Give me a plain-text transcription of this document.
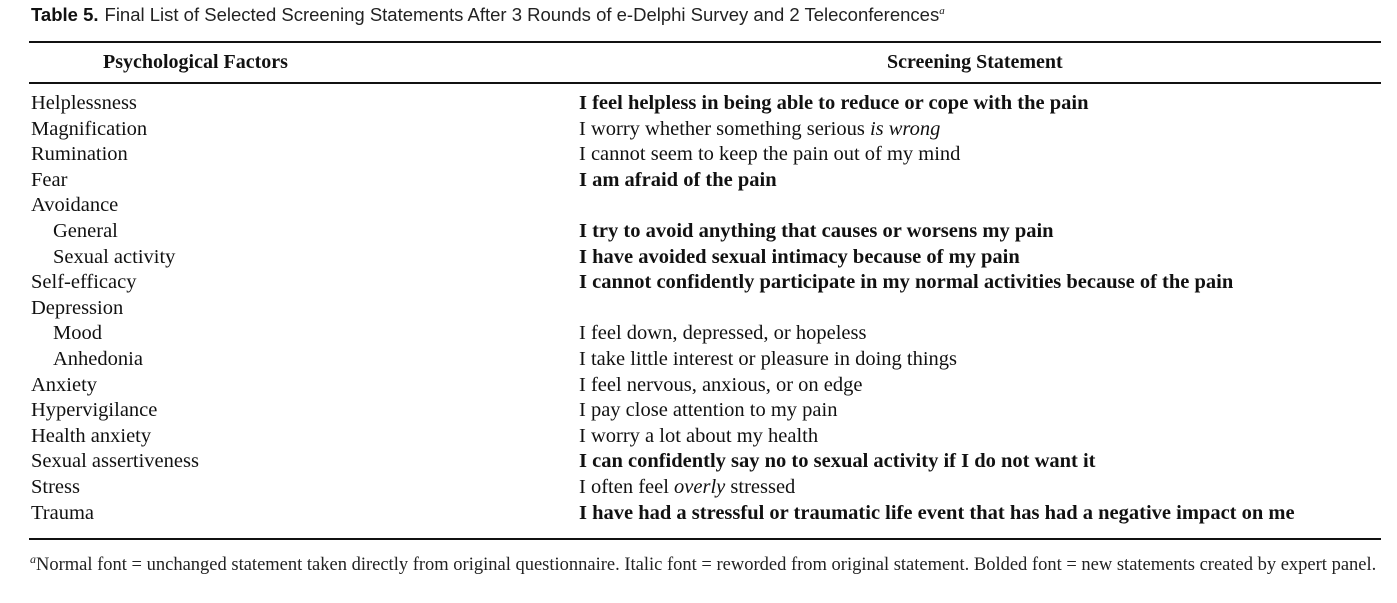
Table 5. Final List of Selected Screening Statements After 3 Rounds of e-Delphi Survey and 2 Teleconferences$^a$
Psychological Factors	Screening Statement
Helplessness	I feel helpless in being able to reduce or cope with the pain
Magnification	I worry whether something serious is wrong
Rumination	I cannot seem to keep the pain out of my mind
Fear	I am afraid of the pain
Avoidance
General	I try to avoid anything that causes or worsens my pain
Sexual activity	I have avoided sexual intimacy because of my pain
Self-efficacy	I cannot confidently participate in my normal activities because of the pain
Depression
Mood	I feel down, depressed, or hopeless
Anhedonia	I take little interest or pleasure in doing things
Anxiety	I feel nervous, anxious, or on edge
Hypervigilance	I pay close attention to my pain
Health anxiety	I worry a lot about my health
Sexual assertiveness	I can confidently say no to sexual activity if I do not want it
Stress	I often feel overly stressed
Trauma	I have had a stressful or traumatic life event that has had a negative impact on me
$^a$Normal font = unchanged statement taken directly from original questionnaire. Italic font = reworded from original statement. Bolded font = new statements created by expert panel.
